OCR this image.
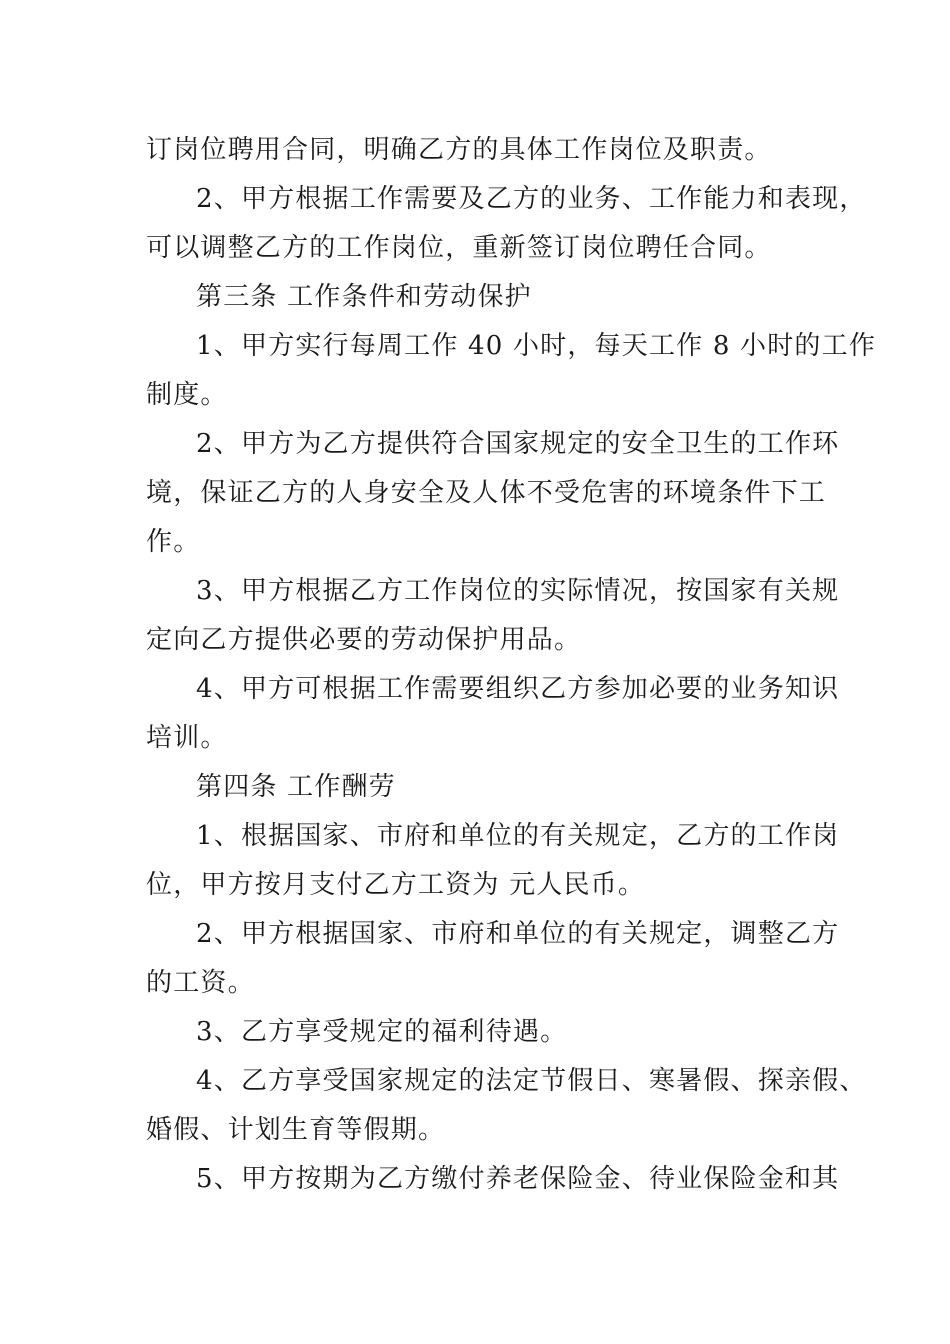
订岗位聘用合同，明确乙方的具体工作岗位及职责。
2、甲方根据工作需要及乙方的业务、工作能力和表现，
可以调整乙方的工作岗位，重新签订岗位聘任合同。
第三条 工作条件和劳动保护
1、甲方实行每周工作 40 小时，每天工作 8 小时的工作
制度。
2、甲方为乙方提供符合国家规定的安全卫生的工作环
境，保证乙方的人身安全及人体不受危害的环境条件下工
作。
3、甲方根据乙方工作岗位的实际情况，按国家有关规
定向乙方提供必要的劳动保护用品。
4、甲方可根据工作需要组织乙方参加必要的业务知识
培训。
第四条 工作酬劳
1、根据国家、市府和单位的有关规定，乙方的工作岗
位，甲方按月支付乙方工资为 元人民币。
2、甲方根据国家、市府和单位的有关规定，调整乙方
的工资。
3、乙方享受规定的福利待遇。
4、乙方享受国家规定的法定节假日、寒暑假、探亲假、
婚假、计划生育等假期。
5、甲方按期为乙方缴付养老保险金、待业保险金和其
